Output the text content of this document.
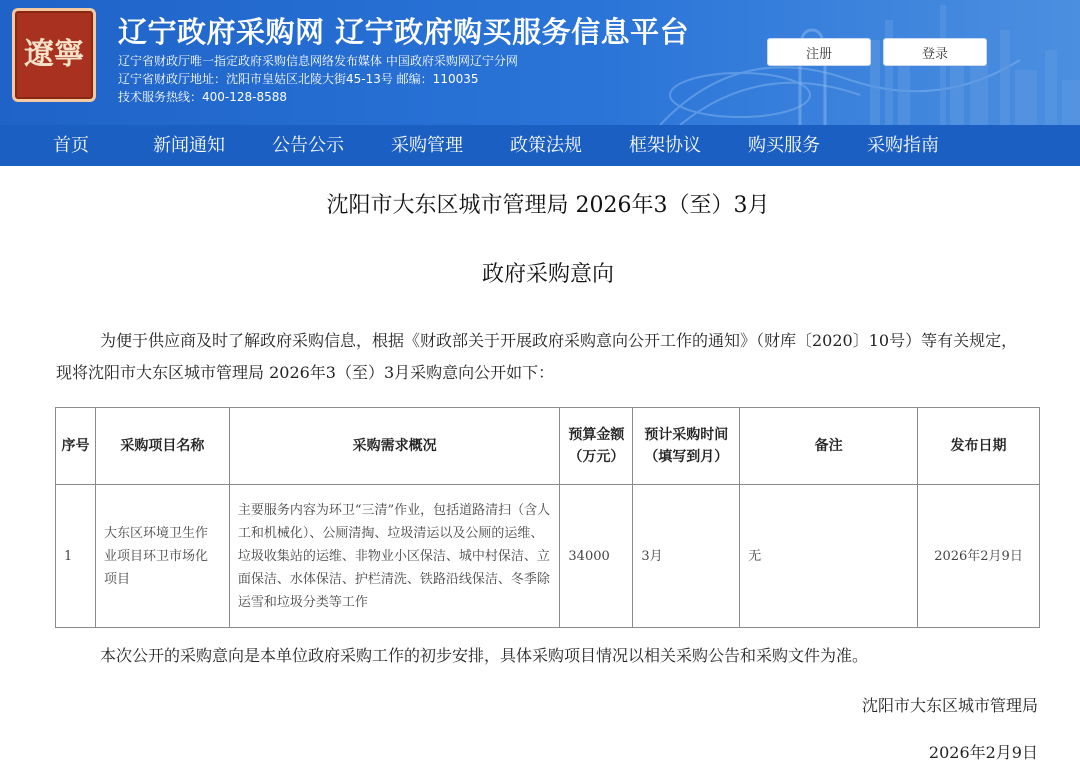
遼寧
辽宁政府采购网 辽宁政府购买服务信息平台
辽宁省财政厅唯一指定政府采购信息网络发布媒体 中国政府采购网辽宁分网
辽宁省财政厅地址：沈阳市皇姑区北陵大街45-13号 邮编：110035
技术服务热线：400-128-8588
注册	登录
首页	新闻通知	公告公示	采购管理	政策法规	框架协议	购买服务	采购指南
沈阳市大东区城市管理局 2026年3（至）3月
政府采购意向
为便于供应商及时了解政府采购信息，根据《财政部关于开展政府采购意向公开工作的通知》（财库〔2020〕10号）等有关规定，现将沈阳市大东区城市管理局 2026年3（至）3月采购意向公开如下：
序号	采购项目名称	采购需求概况	预算金额（万元）	预计采购时间（填写到月）	备注	发布日期
1	大东区环境卫生作业项目环卫市场化项目	主要服务内容为环卫“三清”作业，包括道路清扫（含人工和机械化）、公厕清掏、垃圾清运以及公厕的运维、垃圾收集站的运维、非物业小区保洁、城中村保洁、立面保洁、水体保洁、护栏清洗、铁路沿线保洁、冬季除运雪和垃圾分类等工作	34000	3月	无	2026年2月9日
本次公开的采购意向是本单位政府采购工作的初步安排，具体采购项目情况以相关采购公告和采购文件为准。
沈阳市大东区城市管理局
2026年2月9日
